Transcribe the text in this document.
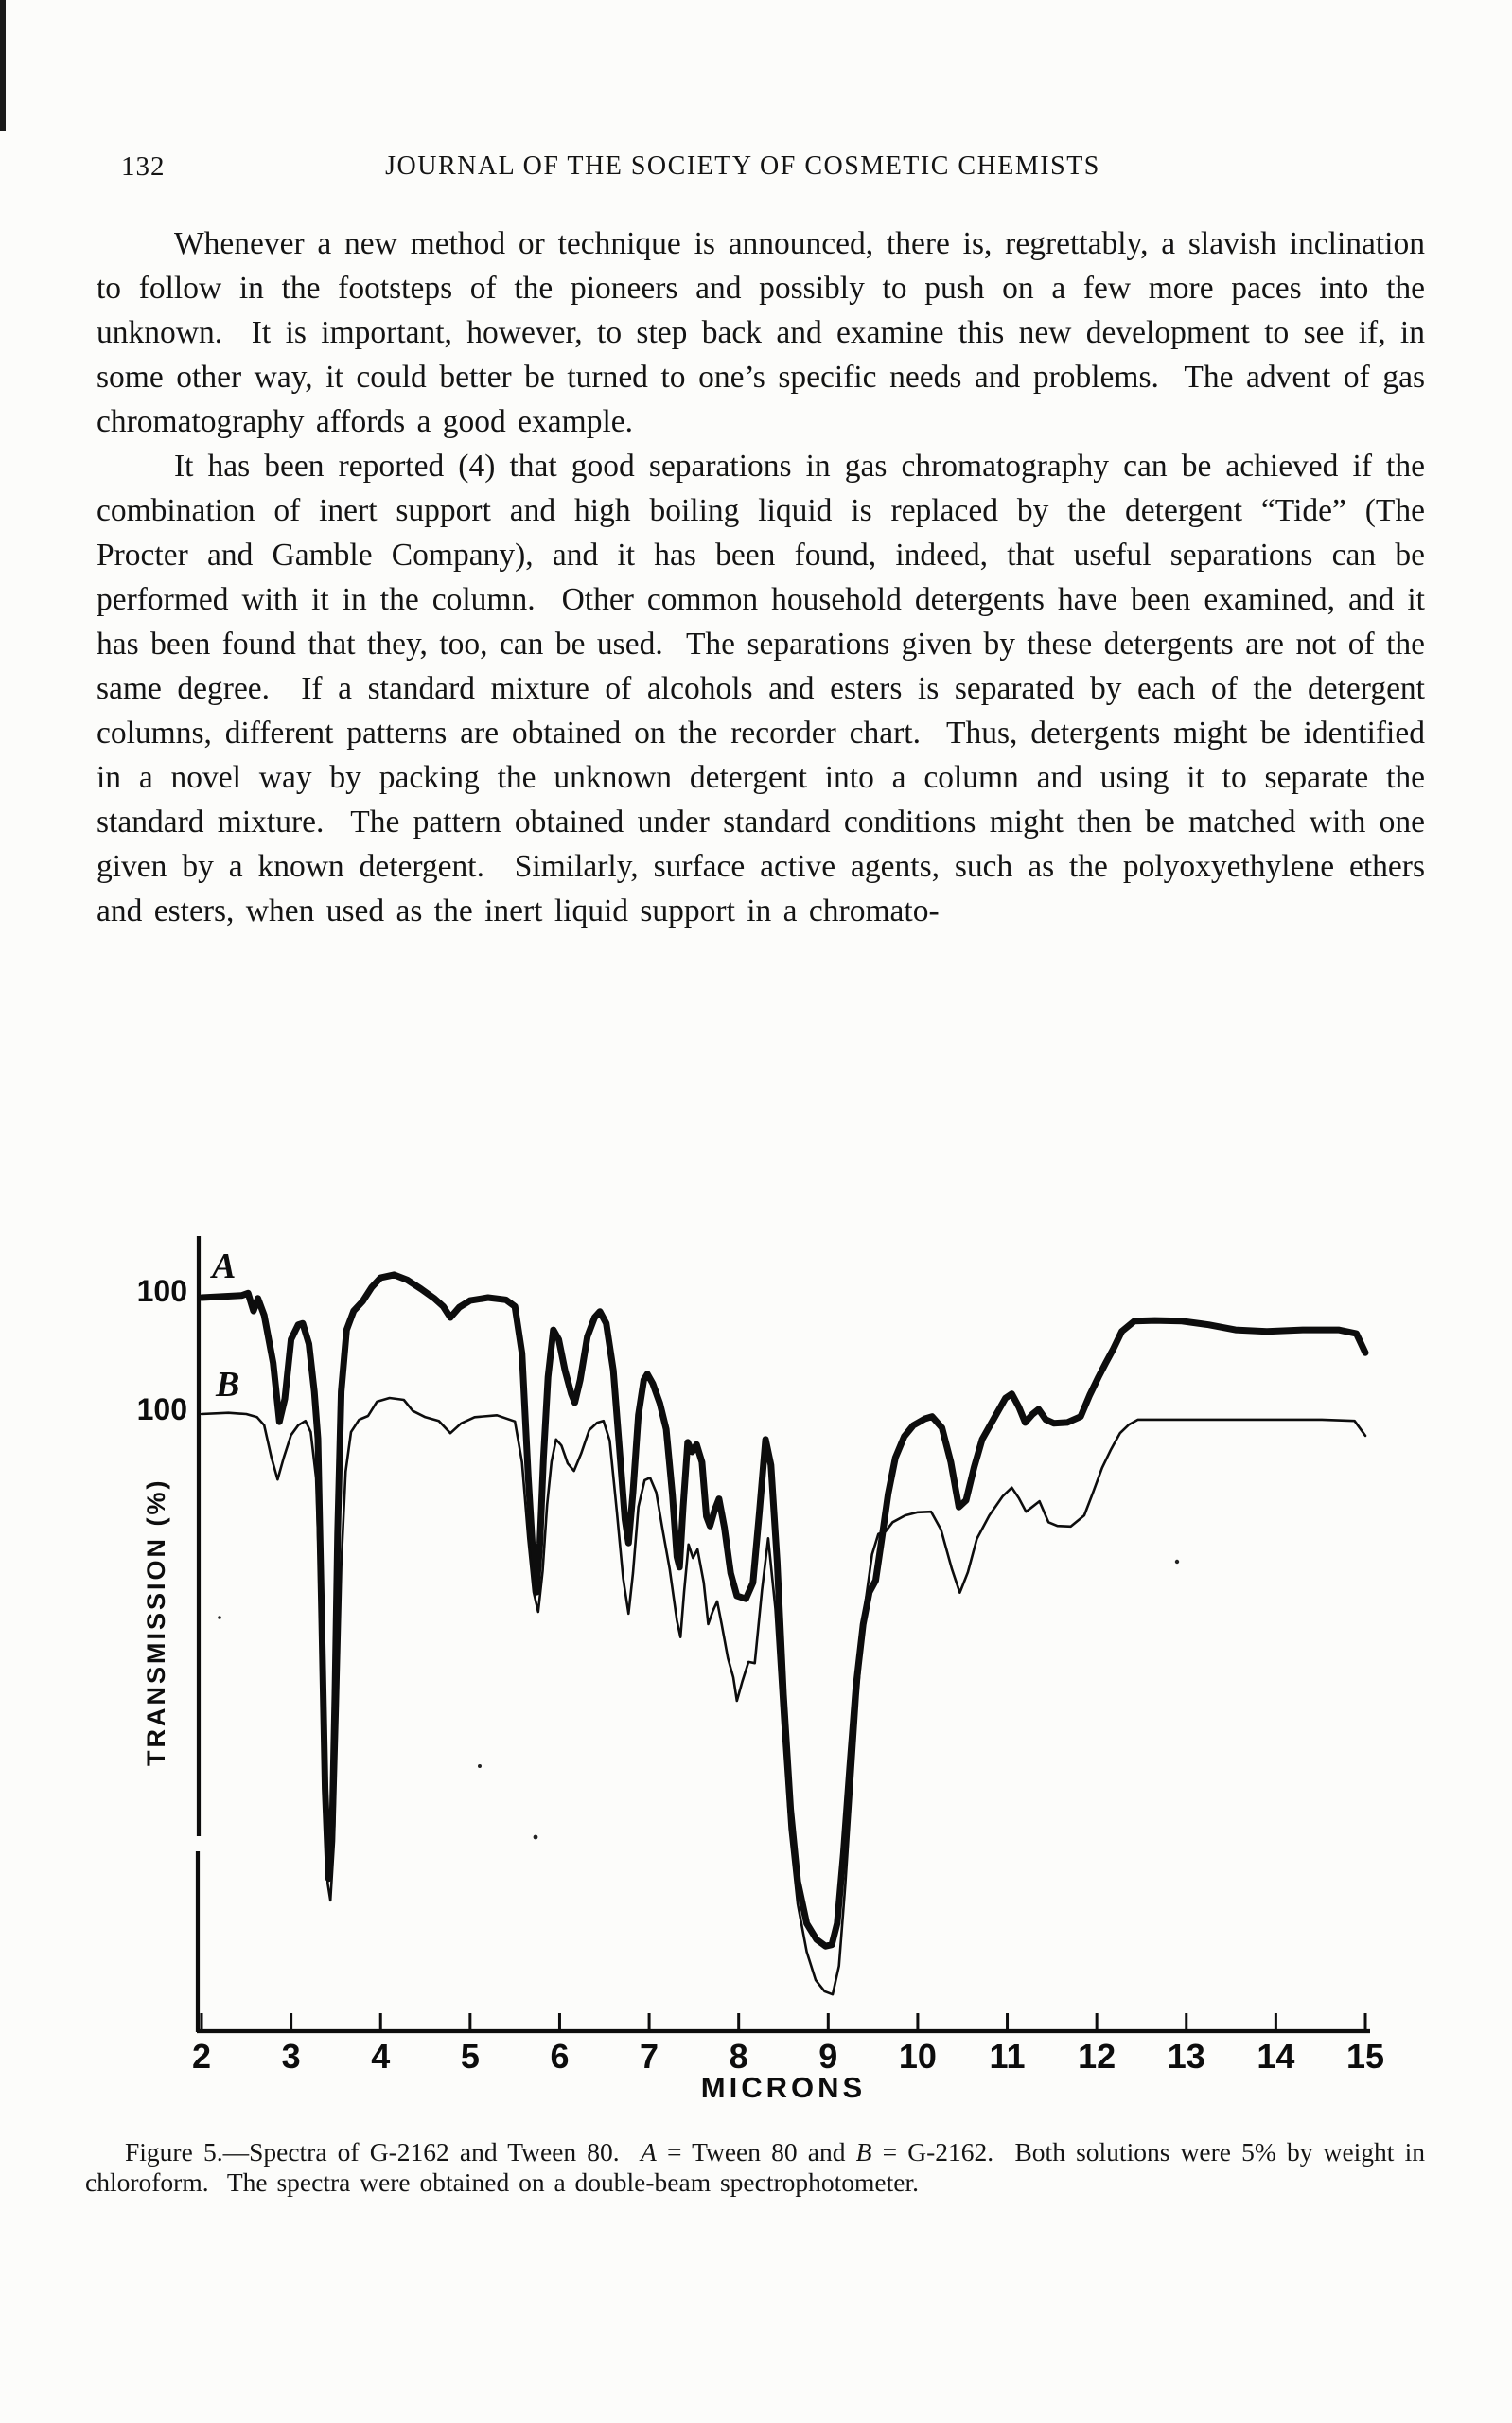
132	JOURNAL OF THE SOCIETY OF COSMETIC CHEMISTS

Whenever a new method or technique is announced, there is, regrettably, a slavish inclination to follow in the footsteps of the pioneers and possibly to push on a few more paces into the unknown.  It is important, however, to step back and examine this new development to see if, in some other way, it could better be turned to one’s specific needs and problems.  The advent of gas chromatography affords a good example.

It has been reported (4) that good separations in gas chromatography can be achieved if the combination of inert support and high boiling liquid is replaced by the detergent “Tide” (The Procter and Gamble Company), and it has been found, indeed, that useful separations can be performed with it in the column.  Other common household detergents have been examined, and it has been found that they, too, can be used.  The separations given by these detergents are not of the same degree.  If a standard mixture of alcohols and esters is separated by each of the detergent columns, different patterns are obtained on the recorder chart.  Thus, detergents might be identified in a novel way by packing the unknown detergent into a column and using it to separate the standard mixture.  The pattern obtained under standard conditions might then be matched with one given by a known detergent.  Similarly, surface active agents, such as the polyoxyethylene ethers and esters, when used as the inert liquid support in a chromato-

100
100
A
B
TRANSMISSION (%)
2	3	4	5	6	7	8	9	10	11	12 13 14 15
MICRONS
Figure 5.—Spectra of G-2162 and Tween 80.  A = Tween 80 and B = G-2162.  Both solutions were 5% by weight in chloroform.  The spectra were obtained on a double-beam spectrophotometer.
